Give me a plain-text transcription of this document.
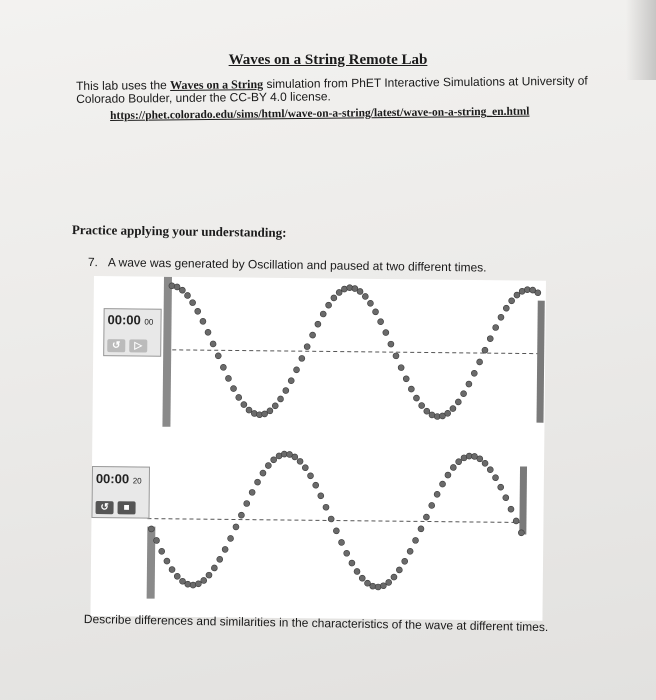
Waves on a String Remote Lab
This lab uses the Waves on a String simulation from PhET Interactive Simulations at University of Colorado Boulder, under the CC-BY 4.0 license.
https://phet.colorado.edu/sims/html/wave-on-a-string/latest/wave-on-a-string_en.html
Practice applying your understanding:
7. A wave was generated by Oscillation and paused at two different times.
00:00 00
↺	▷
00:00 20
↺	■
Describe differences and similarities in the characteristics of the wave at different times.
